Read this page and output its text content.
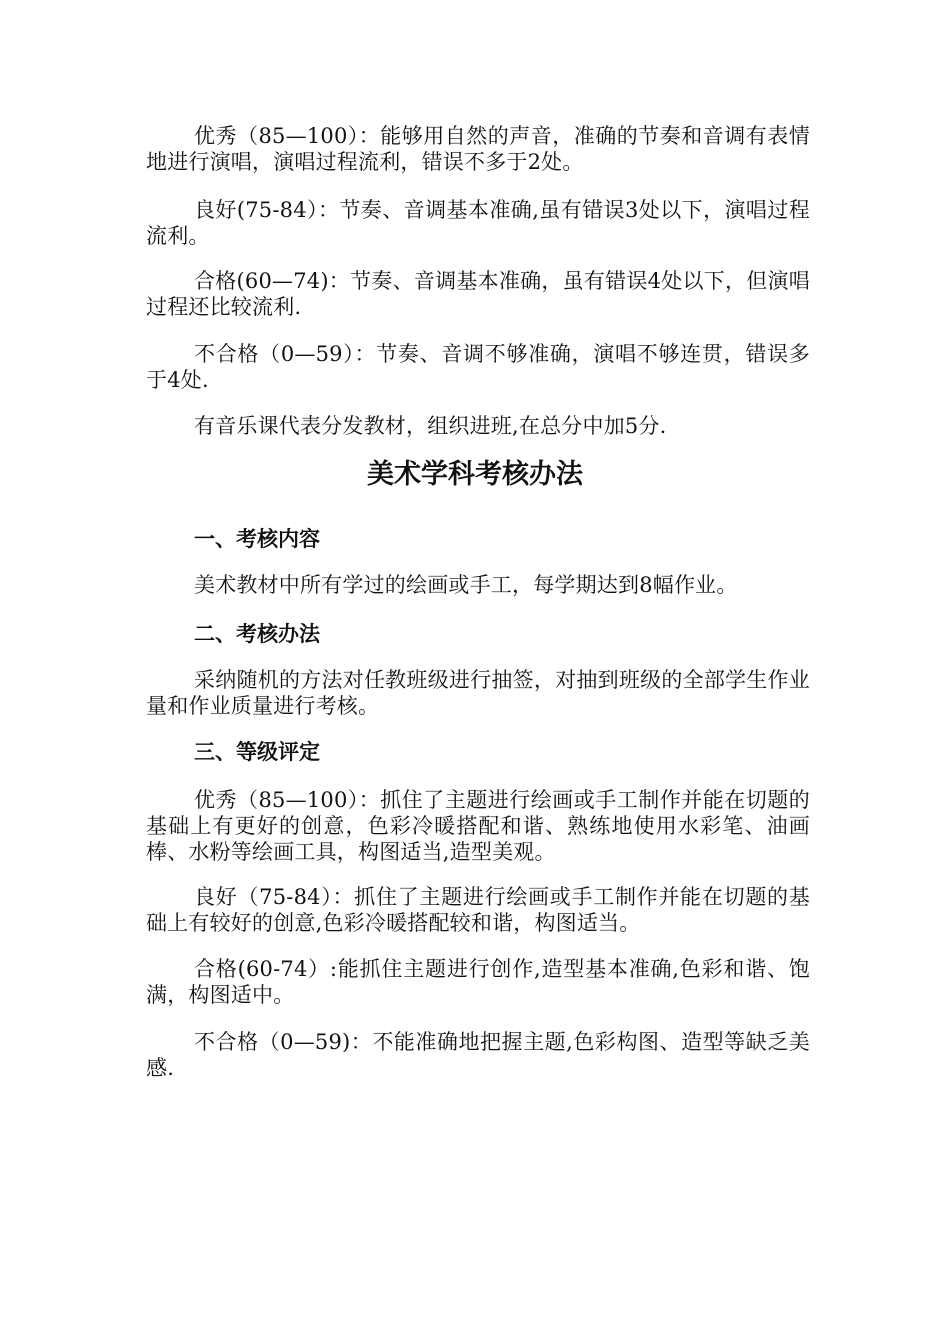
优秀（85—100）：能够用自然的声音，准确的节奏和音调有表情地进行演唱，演唱过程流利，错误不多于2处。

良好(75-84）：节奏、音调基本准确,虽有错误3处以下，演唱过程流利。

合格(60—74)：节奏、音调基本准确，虽有错误4处以下，但演唱过程还比较流利.

不合格（0—59）：节奏、音调不够准确，演唱不够连贯，错误多于4处.

有音乐课代表分发教材，组织进班,在总分中加5分.

美术学科考核办法
一、考核内容

美术教材中所有学过的绘画或手工，每学期达到8幅作业。

二、考核办法

采纳随机的方法对任教班级进行抽签，对抽到班级的全部学生作业量和作业质量进行考核。

三、等级评定

优秀（85—100）：抓住了主题进行绘画或手工制作并能在切题的基础上有更好的创意，色彩冷暖搭配和谐、熟练地使用水彩笔、油画棒、水粉等绘画工具，构图适当,造型美观。

良好（75-84）：抓住了主题进行绘画或手工制作并能在切题的基础上有较好的创意,色彩冷暖搭配较和谐，构图适当。

合格(60-74）:能抓住主题进行创作,造型基本准确,色彩和谐、饱满，构图适中。

不合格（0—59)：不能准确地把握主题,色彩构图、造型等缺乏美感.
